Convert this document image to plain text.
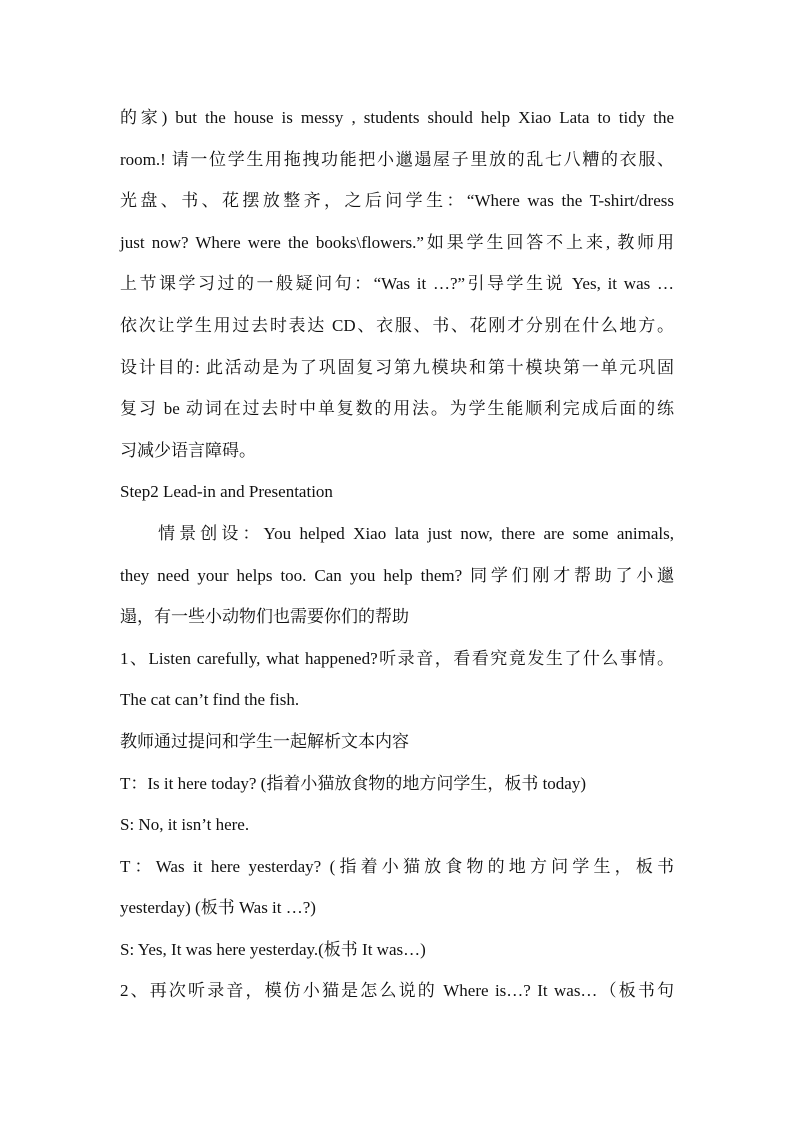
的家) but the house is messy , students should help Xiao Lata to tidy the
room.! 请一位学生用拖拽功能把小邋遢屋子里放的乱七八糟的衣服、
光盘、书、花摆放整齐，之后问学生：“Where was the T-shirt/dress
just now? Where were the books\flowers.”如果学生回答不上来, 教师用
上节课学习过的一般疑问句：“Was it …?”引导学生说 Yes, it was …
依次让学生用过去时表达 CD、衣服、书、花刚才分别在什么地方。
设计目的: 此活动是为了巩固复习第九模块和第十模块第一单元巩固
复习 be 动词在过去时中单复数的用法。为学生能顺利完成后面的练
习减少语言障碍。
Step2 Lead-in and Presentation
情景创设：You helped Xiao lata just now, there are some animals,
they need your helps too. Can you help them? 同学们刚才帮助了小邋
遢，有一些小动物们也需要你们的帮助
1、Listen carefully, what happened?听录音，看看究竟发生了什么事情。
The cat can’t find the fish.
教师通过提问和学生一起解析文本内容
T：Is it here today? (指着小猫放食物的地方问学生，板书 today)
S: No, it isn’t here.
T：Was it here yesterday? (指着小猫放食物的地方问学生，板书
yesterday) (板书 Was it …?)
S: Yes, It was here yesterday.(板书 It was…)
2、再次听录音，模仿小猫是怎么说的 Where is…? It was…（板书句
